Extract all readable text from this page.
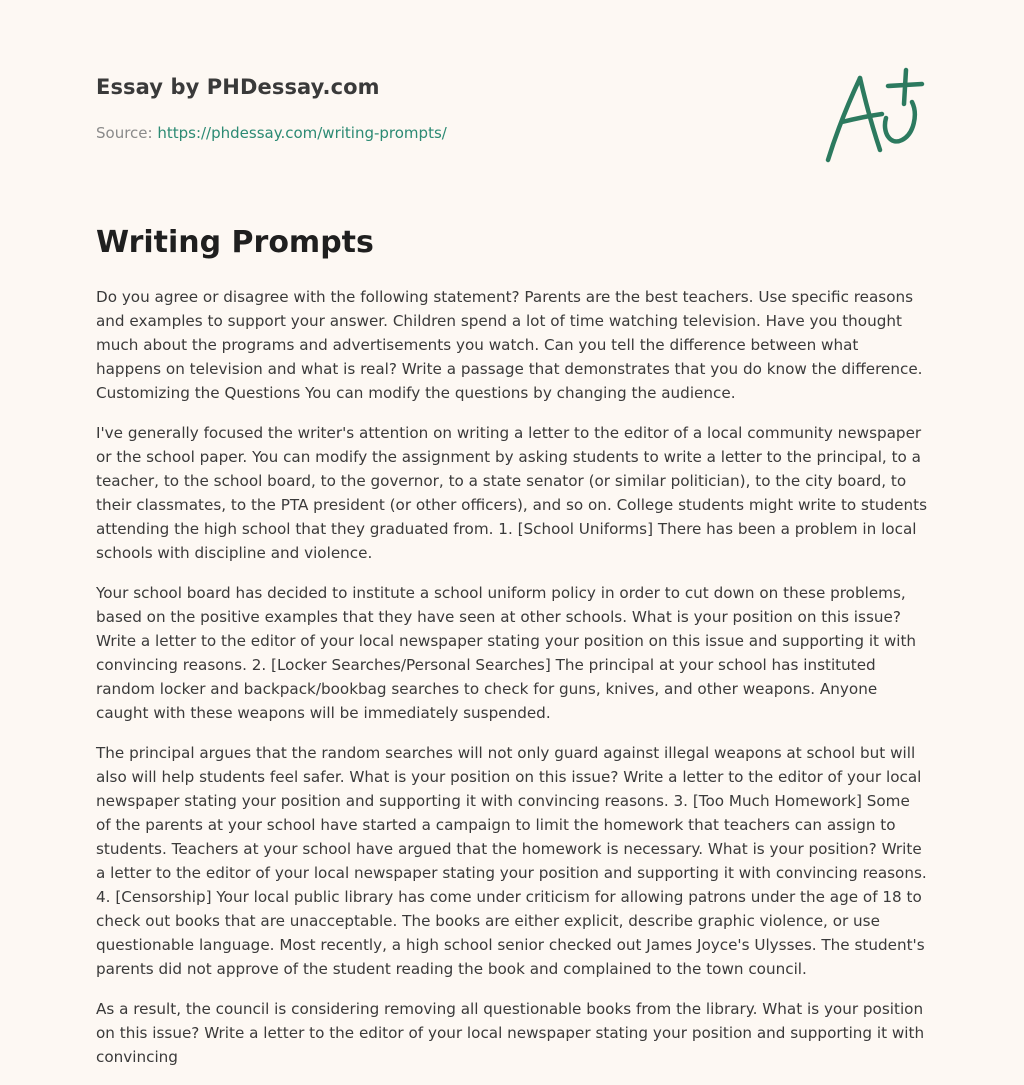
Essay by PHDessay.com
Source: https://phdessay.com/writing-prompts/
Writing Prompts

Do you agree or disagree with the following statement? Parents are the best teachers. Use specific reasons and examples to support your answer. Children spend a lot of time watching television. Have you thought much about the programs and advertisements you watch. Can you tell the difference between what happens on television and what is real? Write a passage that demonstrates that you do know the difference. Customizing the Questions You can modify the questions by changing the audience.

I've generally focused the writer's attention on writing a letter to the editor of a local community newspaper or the school paper. You can modify the assignment by asking students to write a letter to the principal, to a teacher, to the school board, to the governor, to a state senator (or similar politician), to the city board, to their classmates, to the PTA president (or other officers), and so on. College students might write to students attending the high school that they graduated from. 1. [School Uniforms] There has been a problem in local schools with discipline and violence.

Your school board has decided to institute a school uniform policy in order to cut down on these problems, based on the positive examples that they have seen at other schools. What is your position on this issue? Write a letter to the editor of your local newspaper stating your position on this issue and supporting it with convincing reasons. 2. [Locker Searches/Personal Searches] The principal at your school has instituted random locker and backpack/bookbag searches to check for guns, knives, and other weapons. Anyone caught with these weapons will be immediately suspended.

The principal argues that the random searches will not only guard against illegal weapons at school but will also will help students feel safer. What is your position on this issue? Write a letter to the editor of your local newspaper stating your position and supporting it with convincing reasons. 3. [Too Much Homework] Some of the parents at your school have started a campaign to limit the homework that teachers can assign to students. Teachers at your school have argued that the homework is necessary. What is your position? Write a letter to the editor of your local newspaper stating your position and supporting it with convincing reasons. 4. [Censorship] Your local public library has come under criticism for allowing patrons under the age of 18 to check out books that are unacceptable. The books are either explicit, describe graphic violence, or use questionable language. Most recently, a high school senior checked out James Joyce's Ulysses. The student's parents did not approve of the student reading the book and complained to the town council.

As a result, the council is considering removing all questionable books from the library. What is your position on this issue? Write a letter to the editor of your local newspaper stating your position and supporting it with convincing
